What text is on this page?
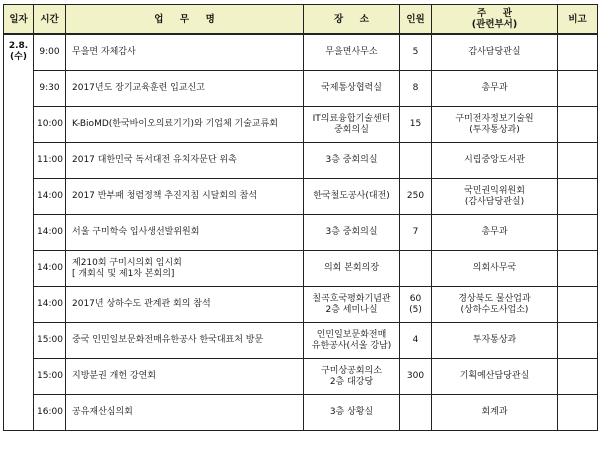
일자	시간	업     무     명	장     소	인원	주     관
(관련부서)	비고

2.8.
(수)	9:00	무을면 자체감사	무을면사무소	5	감사담당관실	

	9:30	2017년도 장기교육훈련 입교신고	국제통상협력실	8	총무과	

	10:00	K-BioMD(한국바이오의료기기)와 기업체 기술교류회	IT의료융합기술센터
중회의실	15	구미전자정보기술원
(투자통상과)	

	11:00	2017 대한민국 독서대전 유치자문단 위촉	3층 중회의실		시립중앙도서관	

	14:00	2017 반부패 청렴정책 추진지침 시달회의 참석	한국철도공사(대전)	250	국민권익위원회
(감사담당관실)	

	14:00	서울 구미학숙 입사생선발위원회	3층 중회의실	7	총무과	

	14:00	제210회 구미시의회 임시회
[ 개회식 및 제1차 본회의]	의회 본회의장		의회사무국	

	14:00	2017년 상하수도 관계관 회의 참석	칠곡호국평화기념관
2층 세미나실	60
(5)	경상북도 물산업과
(상하수도사업소)	

	15:00	중국 인민일보문화전매유한공사 한국대표처 방문	인민일보문화전매
유한공사(서울 강남)	4	투자통상과	

	15:00	지방분권 개헌 강연회	구미상공회의소
2층 대강당	300	기획예산담당관실	

	16:00	공유재산심의회	3층 상황실		회계과	
